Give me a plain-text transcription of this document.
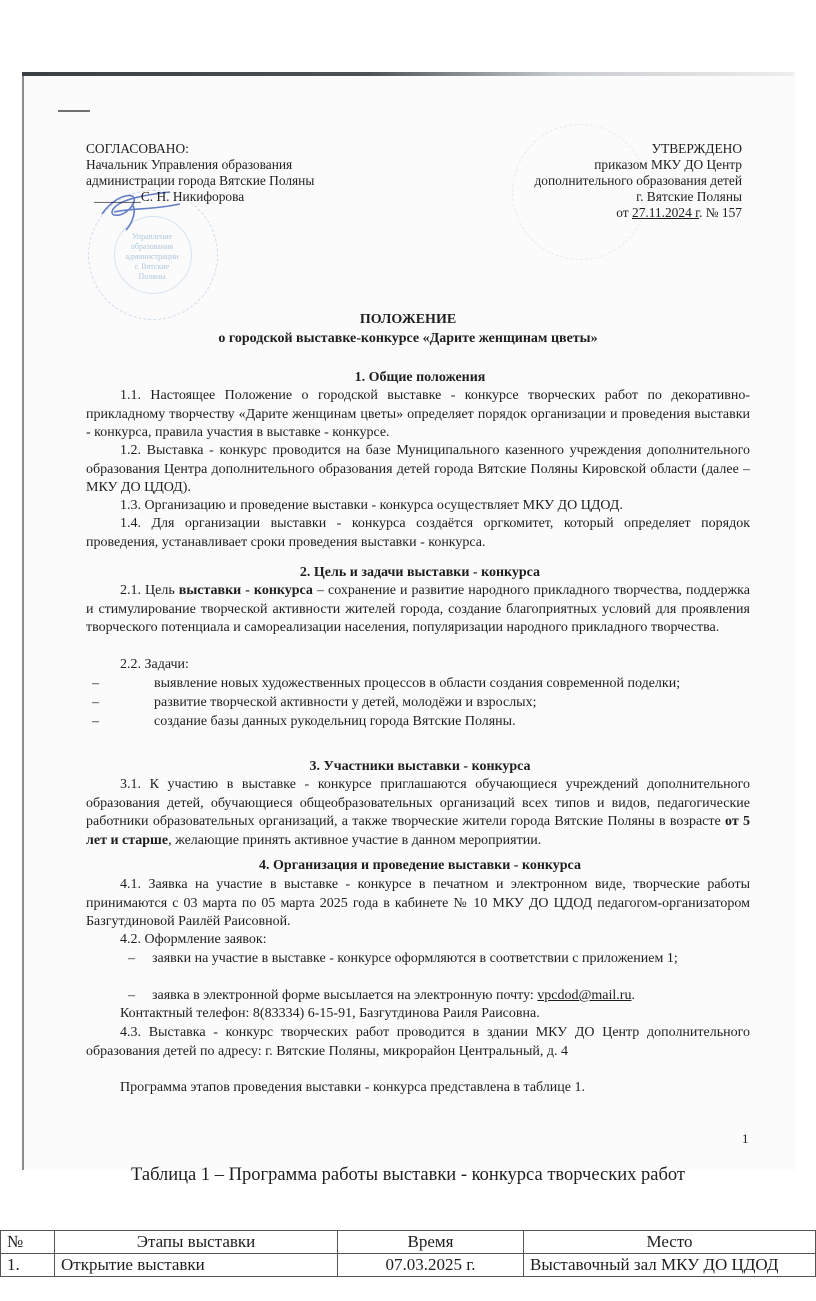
Управление
образования
администрации
г. Вятские
Поляны
СОГЛАСОВАНО:
Начальник Управления образования
администрации города Вятские Поляны
_______С. Н. Никифорова
УТВЕРЖДЕНО
приказом МКУ ДО Центр
дополнительного образования детей
г. Вятские Поляны
от 27.11.2024 г. № 157
ПОЛОЖЕНИЕ
о городской выставке-конкурсе «Дарите женщинам цветы»
1. Общие положения

1.1. Настоящее Положение о городской выставке - конкурсе творческих работ по декоративно-прикладному творчеству «Дарите женщинам цветы» определяет порядок организации и проведения выставки - конкурса, правила участия в выставке - конкурсе.

1.2. Выставка - конкурс проводится на базе Муниципального казенного учреждения дополнительного образования Центра дополнительного образования детей города Вятские Поляны Кировской области (далее – МКУ ДО ЦДОД).

1.3. Организацию и проведение выставки - конкурса осуществляет МКУ ДО ЦДОД.

1.4. Для организации выставки - конкурса создаётся оргкомитет, который определяет порядок проведения, устанавливает сроки проведения выставки - конкурса.

2. Цель и задачи выставки - конкурса

2.1. Цель выставки - конкурса – сохранение и развитие народного прикладного творчества, поддержка и стимулирование творческой активности жителей города, создание благоприятных условий для проявления творческого потенциала и самореализации населения, популяризации народного прикладного творчества.

2.2. Задачи:

–	выявление новых художественных процессов в области создания современной поделки;
–	развитие творческой активности у детей, молодёжи и взрослых;
–	создание базы данных рукодельниц города Вятские Поляны.
3. Участники выставки - конкурса

3.1. К участию в выставке - конкурсе приглашаются обучающиеся учреждений дополнительного образования детей, обучающиеся общеобразовательных организаций всех типов и видов, педагогические работники образовательных организаций, а также творческие жители города Вятские Поляны в возрасте от 5 лет и старше, желающие принять активное участие в данном мероприятии.

4. Организация и проведение выставки - конкурса

4.1. Заявка на участие в выставке - конкурсе в печатном и электронном виде, творческие работы принимаются с 03 марта по 05 марта 2025 года в кабинете № 10 МКУ ДО ЦДОД педагогом-организатором Базгутдиновой Раилёй Раисовной.

4.2. Оформление заявок:

–	заявки на участие в выставке - конкурсе оформляются в соответствии с приложением 1;
–	заявка в электронной форме высылается на электронную почту: vpcdod@mail.ru.

Контактный телефон: 8(83334) 6-15-91, Базгутдинова Раиля Раисовна.

4.3. Выставка - конкурс творческих работ проводится в здании МКУ ДО Центр дополнительного образования детей по адресу: г. Вятские Поляны, микрорайон Центральный, д. 4

Программа этапов проведения выставки - конкурса представлена в таблице 1.

1
Таблица 1 – Программа работы выставки - конкурса творческих работ
№	Этапы выставки	Время	Место
1.	Открытие выставки	07.03.2025 г.	Выставочный зал МКУ ДО ЦДОД
